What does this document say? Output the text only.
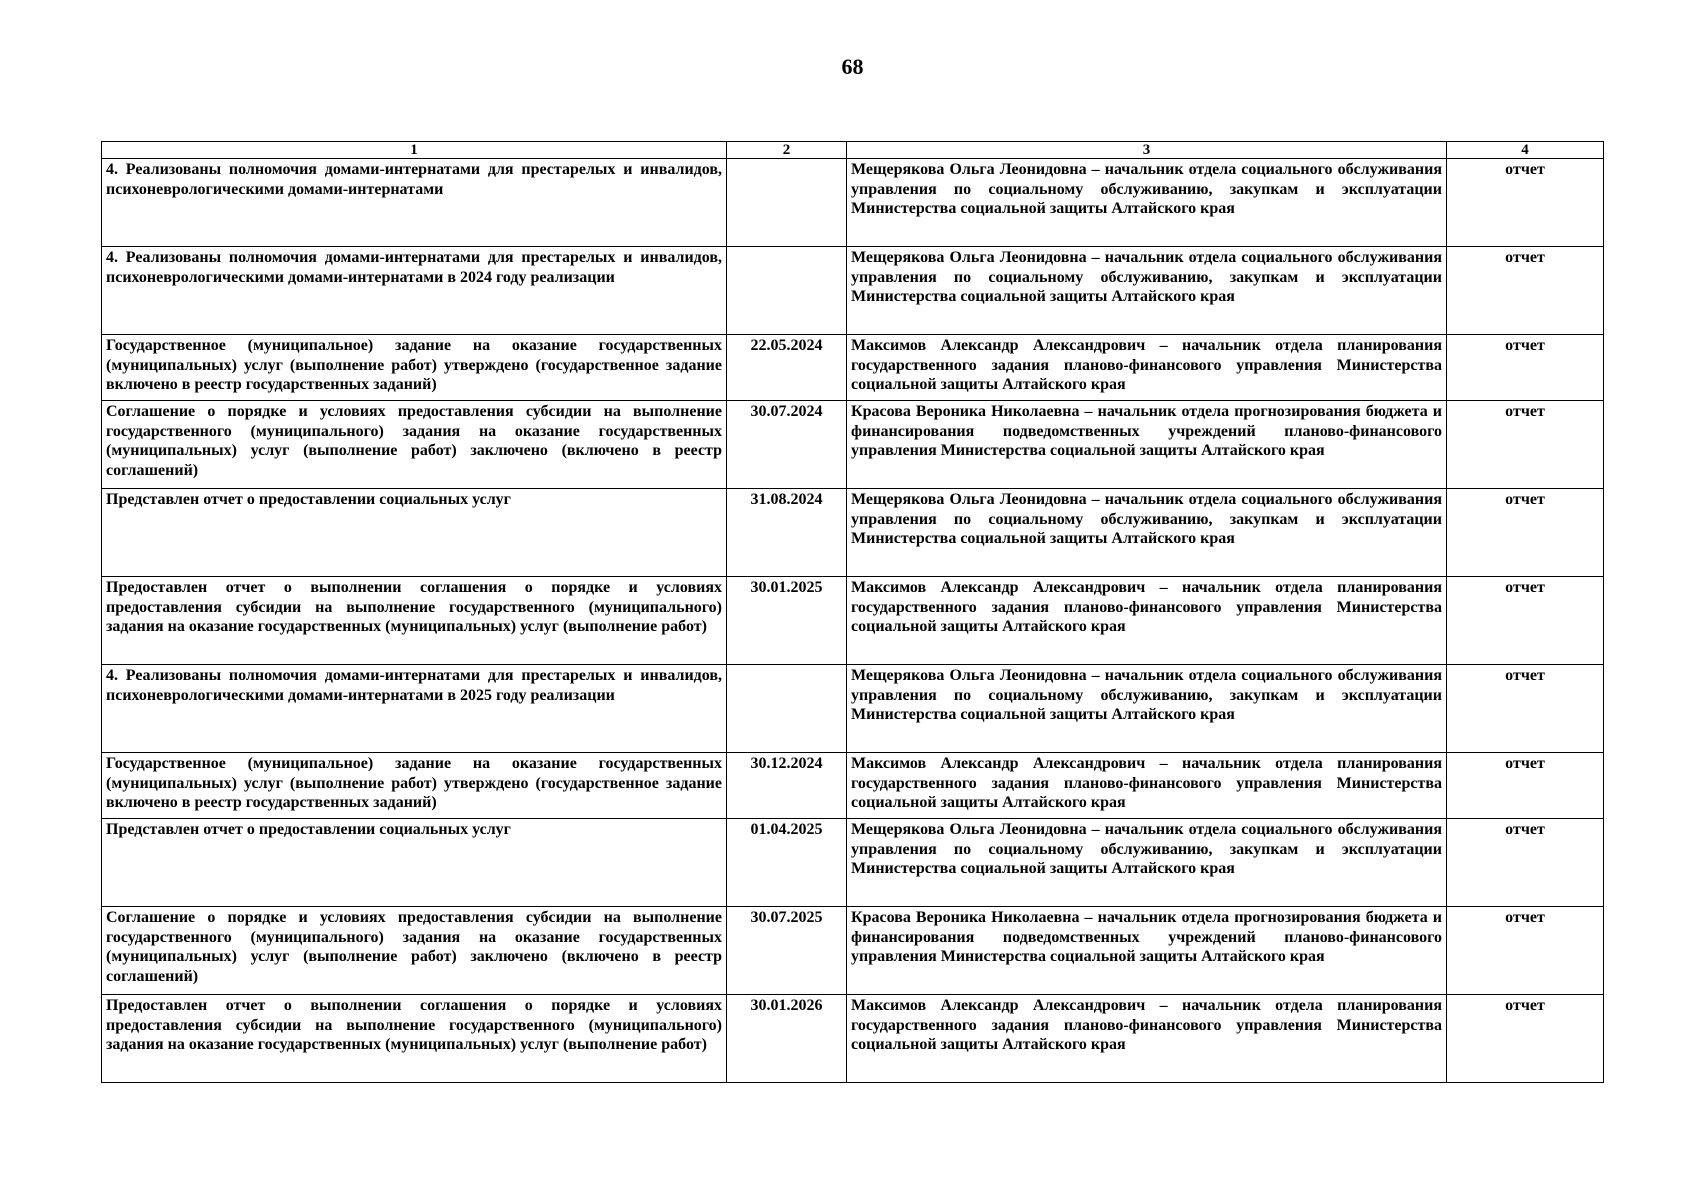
68
1	2	3	4
4. Реализованы полномочия домами-интернатами для престарелых и инвалидов, психоневрологическими домами-интернатами		Мещерякова Ольга Леонидовна – начальник отдела социального обслуживания управления по социальному обслуживанию, закупкам и эксплуатации Министерства социальной защиты Алтайского края	отчет
4. Реализованы полномочия домами-интернатами для престарелых и инвалидов, психоневрологическими домами-интернатами в 2024 году реализации		Мещерякова Ольга Леонидовна – начальник отдела социального обслуживания управления по социальному обслуживанию, закупкам и эксплуатации Министерства социальной защиты Алтайского края	отчет
Государственное (муниципальное) задание на оказание государственных (муниципальных) услуг (выполнение работ) утверждено (государственное задание включено в реестр государственных заданий)	22.05.2024	Максимов Александр Александрович – начальник отдела планирования государственного задания планово-финансового управления Министерства социальной защиты Алтайского края	отчет
Соглашение о порядке и условиях предоставления субсидии на выполнение государственного (муниципального) задания на оказание государственных (муниципальных) услуг (выполнение работ) заключено (включено в реестр соглашений)	30.07.2024	Красова Вероника Николаевна – начальник отдела прогнозирования бюджета и финансирования подведомственных учреждений планово-финансового управления Министерства социальной защиты Алтайского края	отчет
Представлен отчет о предоставлении социальных услуг	31.08.2024	Мещерякова Ольга Леонидовна – начальник отдела социального обслуживания управления по социальному обслуживанию, закупкам и эксплуатации Министерства социальной защиты Алтайского края	отчет
Предоставлен отчет о выполнении соглашения о порядке и условиях предоставления субсидии на выполнение государственного (муниципального) задания на оказание государственных (муниципальных) услуг (выполнение работ)	30.01.2025	Максимов Александр Александрович – начальник отдела планирования государственного задания планово-финансового управления Министерства социальной защиты Алтайского края	отчет
4. Реализованы полномочия домами-интернатами для престарелых и инвалидов, психоневрологическими домами-интернатами в 2025 году реализации		Мещерякова Ольга Леонидовна – начальник отдела социального обслуживания управления по социальному обслуживанию, закупкам и эксплуатации Министерства социальной защиты Алтайского края	отчет
Государственное (муниципальное) задание на оказание государственных (муниципальных) услуг (выполнение работ) утверждено (государственное задание включено в реестр государственных заданий)	30.12.2024	Максимов Александр Александрович – начальник отдела планирования государственного задания планово-финансового управления Министерства социальной защиты Алтайского края	отчет
Представлен отчет о предоставлении социальных услуг	01.04.2025	Мещерякова Ольга Леонидовна – начальник отдела социального обслуживания управления по социальному обслуживанию, закупкам и эксплуатации Министерства социальной защиты Алтайского края	отчет
Соглашение о порядке и условиях предоставления субсидии на выполнение государственного (муниципального) задания на оказание государственных (муниципальных) услуг (выполнение работ) заключено (включено в реестр соглашений)	30.07.2025	Красова Вероника Николаевна – начальник отдела прогнозирования бюджета и финансирования подведомственных учреждений планово-финансового управления Министерства социальной защиты Алтайского края	отчет
Предоставлен отчет о выполнении соглашения о порядке и условиях предоставления субсидии на выполнение государственного (муниципального) задания на оказание государственных (муниципальных) услуг (выполнение работ)	30.01.2026	Максимов Александр Александрович – начальник отдела планирования государственного задания планово-финансового управления Министерства социальной защиты Алтайского края	отчет
